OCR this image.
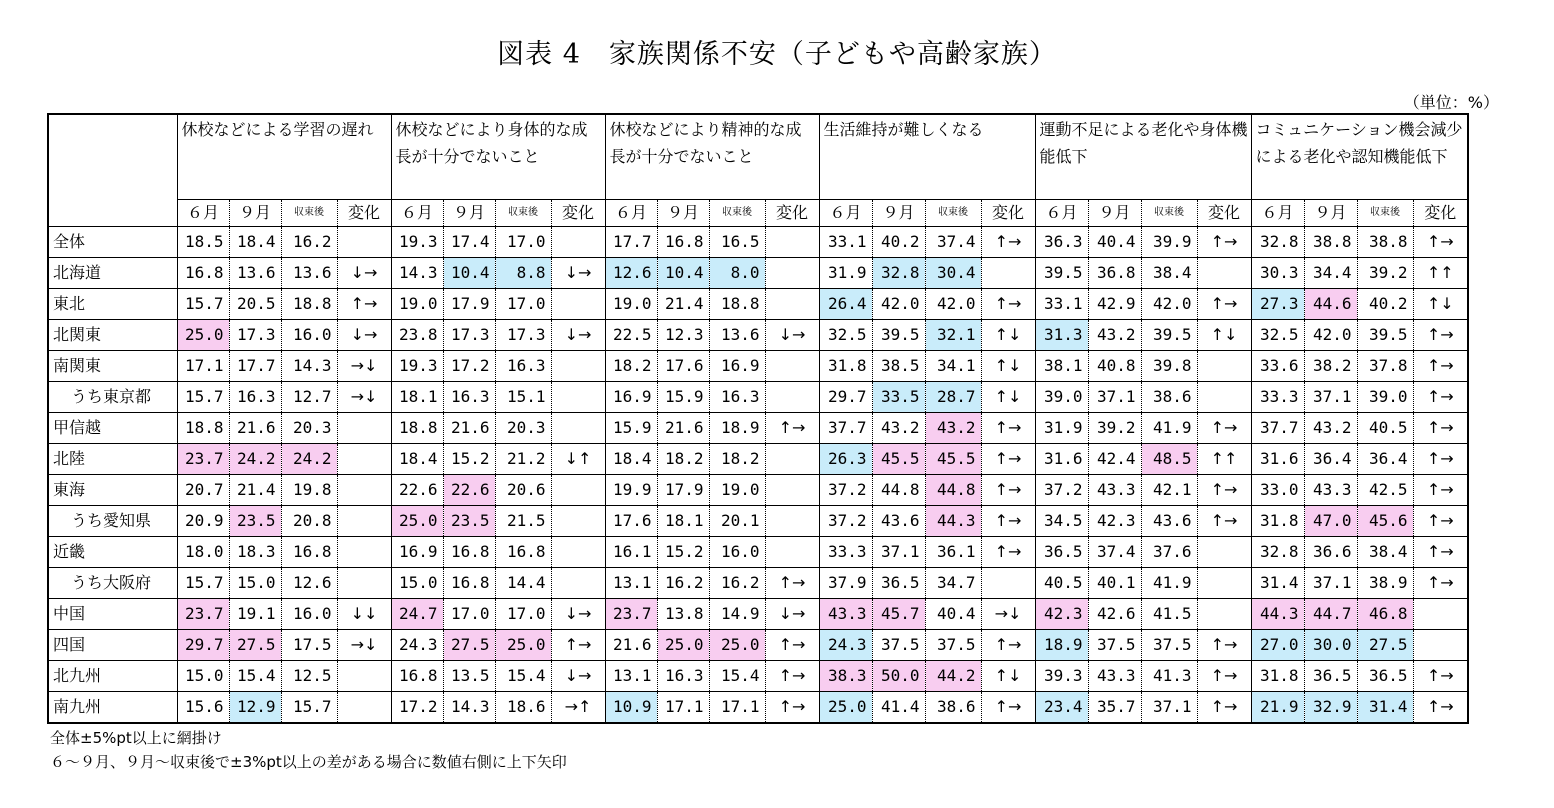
図表 4　家族関係不安（子どもや高齢家族）
（単位：%）
	休校などによる学習の遅れ				休校などにより身体的な成長が十分でないこと				休校などにより精神的な成長が十分でないこと				生活維持が難しくなる				運動不足による老化や身体機能低下				コミュニケーション機会減少による老化や認知機能低下			
	６月	９月	収束後	変化	６月	９月	収束後	変化	６月	９月	収束後	変化	６月	９月	収束後	変化	６月	９月	収束後	変化	６月	９月	収束後	変化
全体	18.5	18.4	16.2		19.3	17.4	17.0		17.7	16.8	16.5		33.1	40.2	37.4	↑→	36.3	40.4	39.9	↑→	32.8	38.8	38.8	↑→
北海道	16.8	13.6	13.6	↓→	14.3	10.4	8.8	↓→	12.6	10.4	8.0		31.9	32.8	30.4		39.5	36.8	38.4		30.3	34.4	39.2	↑↑
東北	15.7	20.5	18.8	↑→	19.0	17.9	17.0		19.0	21.4	18.8		26.4	42.0	42.0	↑→	33.1	42.9	42.0	↑→	27.3	44.6	40.2	↑↓
北関東	25.0	17.3	16.0	↓→	23.8	17.3	17.3	↓→	22.5	12.3	13.6	↓→	32.5	39.5	32.1	↑↓	31.3	43.2	39.5	↑↓	32.5	42.0	39.5	↑→
南関東	17.1	17.7	14.3	→↓	19.3	17.2	16.3		18.2	17.6	16.9		31.8	38.5	34.1	↑↓	38.1	40.8	39.8		33.6	38.2	37.8	↑→
うち東京都	15.7	16.3	12.7	→↓	18.1	16.3	15.1		16.9	15.9	16.3		29.7	33.5	28.7	↑↓	39.0	37.1	38.6		33.3	37.1	39.0	↑→
甲信越	18.8	21.6	20.3		18.8	21.6	20.3		15.9	21.6	18.9	↑→	37.7	43.2	43.2	↑→	31.9	39.2	41.9	↑→	37.7	43.2	40.5	↑→
北陸	23.7	24.2	24.2		18.4	15.2	21.2	↓↑	18.4	18.2	18.2		26.3	45.5	45.5	↑→	31.6	42.4	48.5	↑↑	31.6	36.4	36.4	↑→
東海	20.7	21.4	19.8		22.6	22.6	20.6		19.9	17.9	19.0		37.2	44.8	44.8	↑→	37.2	43.3	42.1	↑→	33.0	43.3	42.5	↑→
うち愛知県	20.9	23.5	20.8		25.0	23.5	21.5		17.6	18.1	20.1		37.2	43.6	44.3	↑→	34.5	42.3	43.6	↑→	31.8	47.0	45.6	↑→
近畿	18.0	18.3	16.8		16.9	16.8	16.8		16.1	15.2	16.0		33.3	37.1	36.1	↑→	36.5	37.4	37.6		32.8	36.6	38.4	↑→
うち大阪府	15.7	15.0	12.6		15.0	16.8	14.4		13.1	16.2	16.2	↑→	37.9	36.5	34.7		40.5	40.1	41.9		31.4	37.1	38.9	↑→
中国	23.7	19.1	16.0	↓↓	24.7	17.0	17.0	↓→	23.7	13.8	14.9	↓→	43.3	45.7	40.4	→↓	42.3	42.6	41.5		44.3	44.7	46.8	
四国	29.7	27.5	17.5	→↓	24.3	27.5	25.0	↑→	21.6	25.0	25.0	↑→	24.3	37.5	37.5	↑→	18.9	37.5	37.5	↑→	27.0	30.0	27.5	
北九州	15.0	15.4	12.5		16.8	13.5	15.4	↓→	13.1	16.3	15.4	↑→	38.3	50.0	44.2	↑↓	39.3	43.3	41.3	↑→	31.8	36.5	36.5	↑→
南九州	15.6	12.9	15.7		17.2	14.3	18.6	→↑	10.9	17.1	17.1	↑→	25.0	41.4	38.6	↑→	23.4	35.7	37.1	↑→	21.9	32.9	31.4	↑→
全体±5%pt以上に網掛け
６～９月、９月～収束後で±3%pt以上の差がある場合に数値右側に上下矢印
